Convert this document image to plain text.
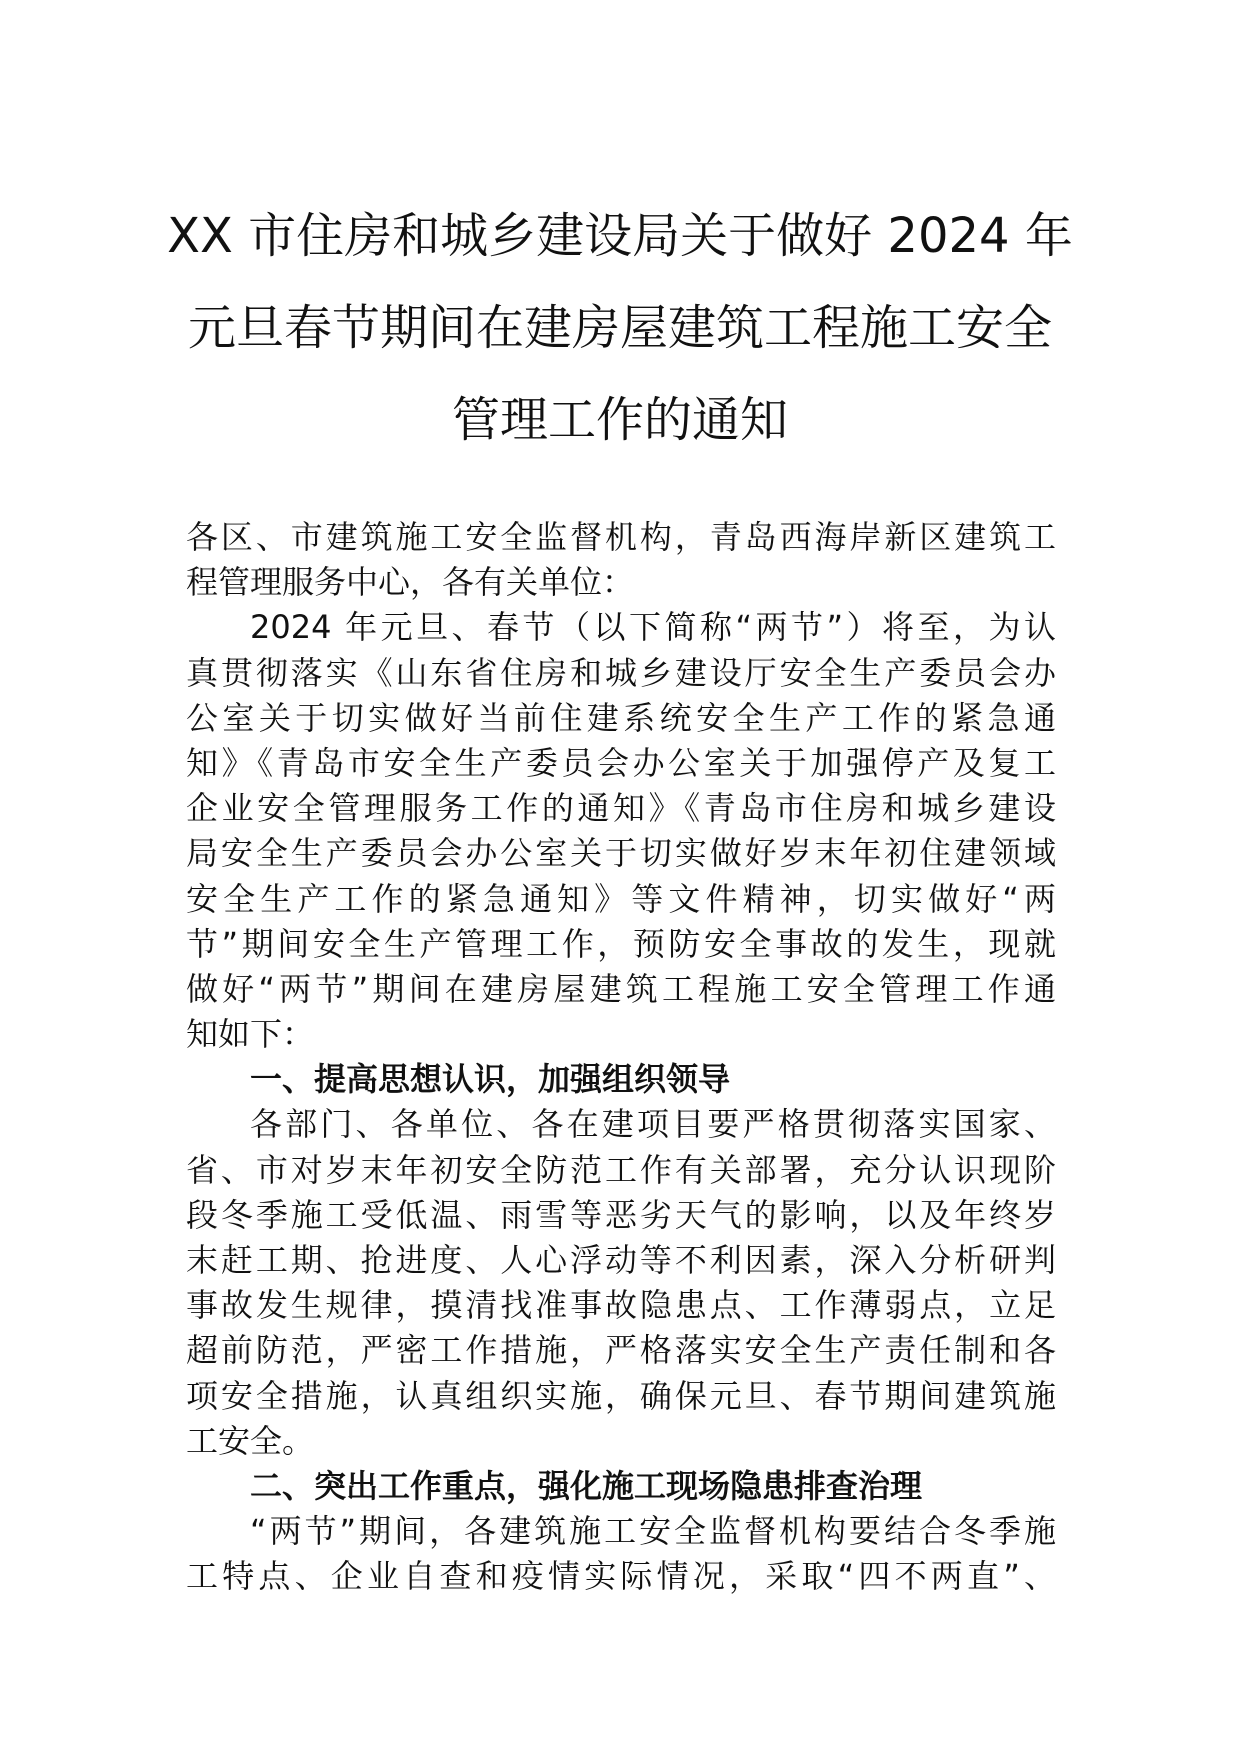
XX 市住房和城乡建设局关于做好 2024 年
元旦春节期间在建房屋建筑工程施工安全
管理工作的通知
各区、市建筑施工安全监督机构，青岛西海岸新区建筑工
程管理服务中心，各有关单位：
2024 年元旦、春节（以下简称“两节”）将至，为认
真贯彻落实《山东省住房和城乡建设厅安全生产委员会办
公室关于切实做好当前住建系统安全生产工作的紧急通
知》《青岛市安全生产委员会办公室关于加强停产及复工
企业安全管理服务工作的通知》《青岛市住房和城乡建设
局安全生产委员会办公室关于切实做好岁末年初住建领域
安全生产工作的紧急通知》等文件精神，切实做好“两
节”期间安全生产管理工作，预防安全事故的发生，现就
做好“两节”期间在建房屋建筑工程施工安全管理工作通
知如下：
一、提高思想认识，加强组织领导
各部门、各单位、各在建项目要严格贯彻落实国家、
省、市对岁末年初安全防范工作有关部署，充分认识现阶
段冬季施工受低温、雨雪等恶劣天气的影响，以及年终岁
末赶工期、抢进度、人心浮动等不利因素，深入分析研判
事故发生规律，摸清找准事故隐患点、工作薄弱点，立足
超前防范，严密工作措施，严格落实安全生产责任制和各
项安全措施，认真组织实施，确保元旦、春节期间建筑施
工安全。
二、突出工作重点，强化施工现场隐患排查治理
“两节”期间，各建筑施工安全监督机构要结合冬季施
工特点、企业自查和疫情实际情况，采取“四不两直”、
